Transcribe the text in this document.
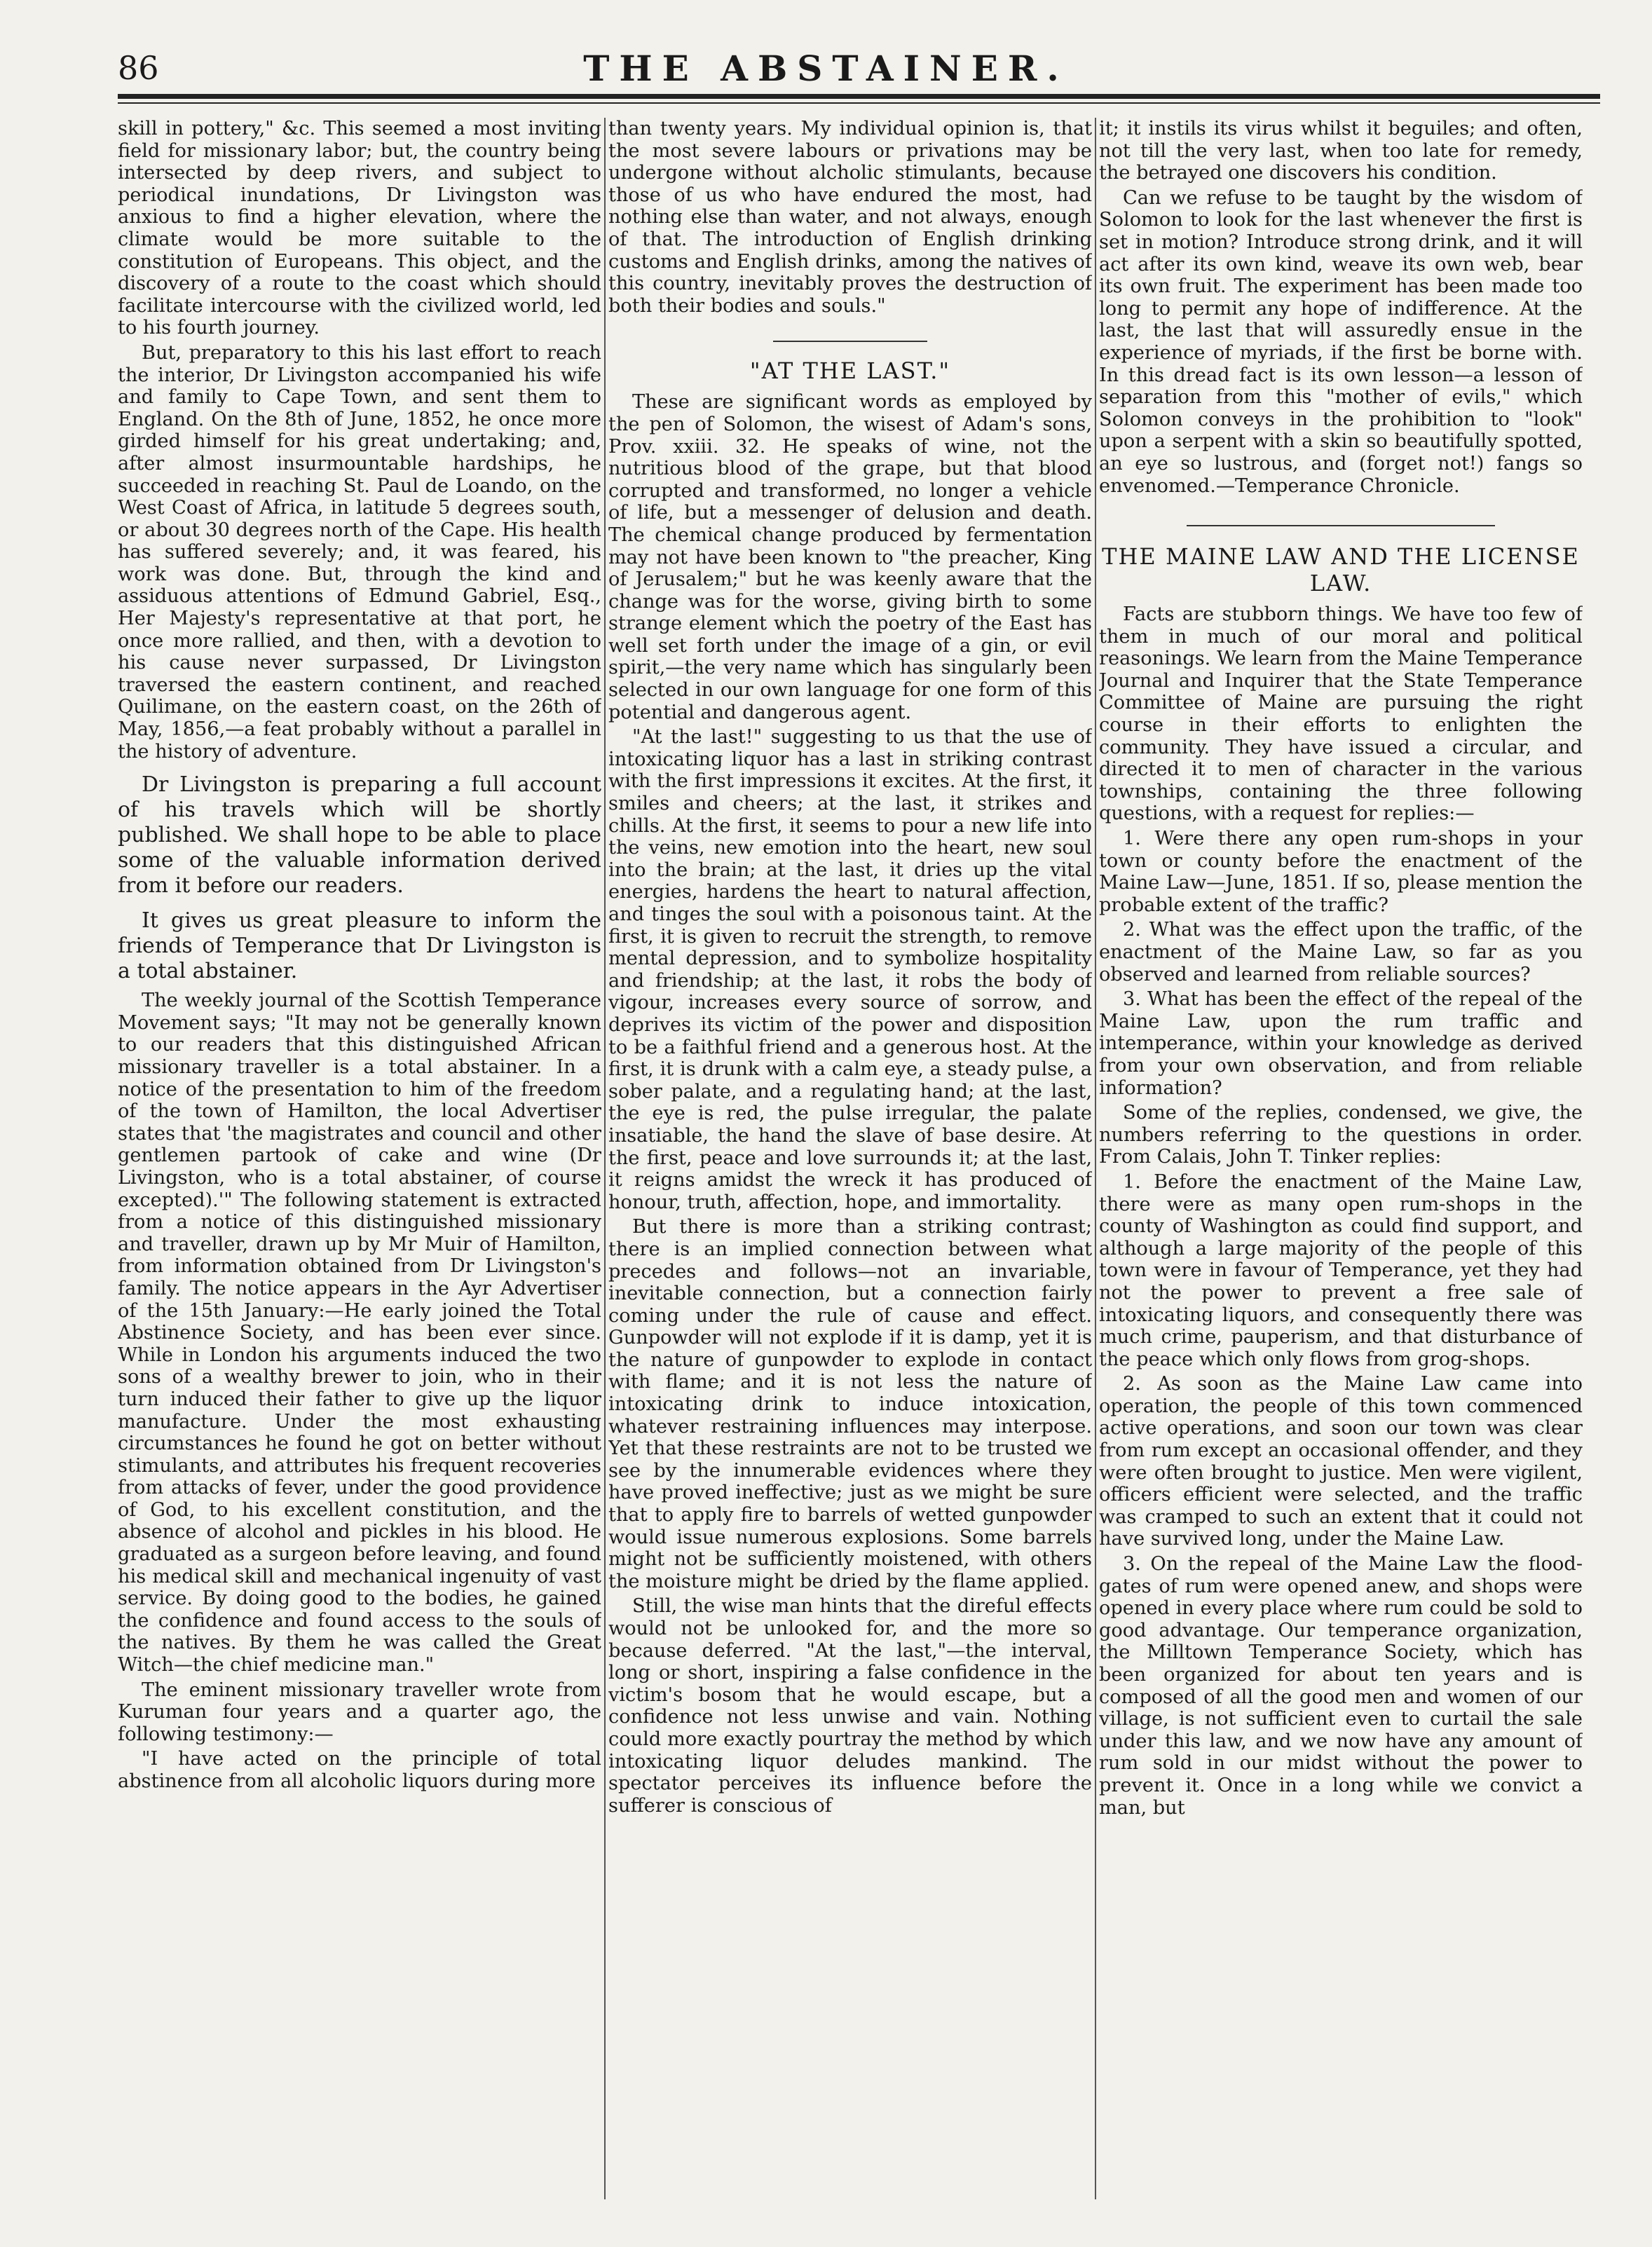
86	THE ABSTAINER.

skill in pottery," &c. This seemed a most inviting field for missionary labor; but, the country being intersected by deep rivers, and subject to periodical inundations, Dr Livingston was anxious to find a higher elevation, where the climate would be more suitable to the constitution of Europeans. This object, and the discovery of a route to the coast which should facilitate intercourse with the civilized world, led to his fourth journey.

But, preparatory to this his last effort to reach the interior, Dr Livingston accompanied his wife and family to Cape Town, and sent them to England. On the 8th of June, 1852, he once more girded himself for his great undertaking; and, after almost insurmountable hardships, he succeeded in reaching St. Paul de Loando, on the West Coast of Africa, in latitude 5 degrees south, or about 30 degrees north of the Cape. His health has suffered severely; and, it was feared, his work was done. But, through the kind and assiduous attentions of Edmund Gabriel, Esq., Her Majesty's representative at that port, he once more rallied, and then, with a devotion to his cause never surpassed, Dr Livingston traversed the eastern continent, and reached Quilimane, on the eastern coast, on the 26th of May, 1856,—a feat probably without a parallel in the history of adventure.

Dr Livingston is preparing a full account of his travels which will be shortly published. We shall hope to be able to place some of the valuable information derived from it before our readers.

It gives us great pleasure to inform the friends of Temperance that Dr Livingston is a total abstainer.

The weekly journal of the Scottish Temperance Movement says; "It may not be generally known to our readers that this distinguished African missionary traveller is a total abstainer. In a notice of the presentation to him of the freedom of the town of Hamilton, the local Advertiser states that 'the magistrates and council and other gentlemen partook of cake and wine (Dr Livingston, who is a total abstainer, of course excepted).'" The following statement is extracted from a notice of this distinguished missionary and traveller, drawn up by Mr Muir of Hamilton, from information obtained from Dr Livingston's family. The notice appears in the Ayr Advertiser of the 15th January:—He early joined the Total Abstinence Society, and has been ever since. While in London his arguments induced the two sons of a wealthy brewer to join, who in their turn induced their father to give up the liquor manufacture. Under the most exhausting circumstances he found he got on better without stimulants, and attributes his frequent recoveries from attacks of fever, under the good providence of God, to his excellent constitution, and the absence of alcohol and pickles in his blood. He graduated as a surgeon before leaving, and found his medical skill and mechanical ingenuity of vast service. By doing good to the bodies, he gained the confidence and found access to the souls of the natives. By them he was called the Great Witch—the chief medicine man."

The eminent missionary traveller wrote from Kuruman four years and a quarter ago, the following testimony:—

"I have acted on the principle of total abstinence from all alcoholic liquors during more

than twenty years. My individual opinion is, that the most severe labours or privations may be undergone without alcholic stimulants, because those of us who have endured the most, had nothing else than water, and not always, enough of that. The introduction of English drinking customs and English drinks, among the natives of this country, inevitably proves the destruction of both their bodies and souls."

"AT THE LAST."

These are significant words as employed by the pen of Solomon, the wisest of Adam's sons, Prov. xxiii. 32. He speaks of wine, not the nutritious blood of the grape, but that blood corrupted and transformed, no longer a vehicle of life, but a messenger of delusion and death. The chemical change produced by fermentation may not have been known to "the preacher, King of Jerusalem;" but he was keenly aware that the change was for the worse, giving birth to some strange element which the poetry of the East has well set forth under the image of a gin, or evil spirit,—the very name which has singularly been selected in our own language for one form of this potential and dangerous agent.

"At the last!" suggesting to us that the use of intoxicating liquor has a last in striking contrast with the first impressions it excites. At the first, it smiles and cheers; at the last, it strikes and chills. At the first, it seems to pour a new life into the veins, new emotion into the heart, new soul into the brain; at the last, it dries up the vital energies, hardens the heart to natural affection, and tinges the soul with a poisonous taint. At the first, it is given to recruit the strength, to remove mental depression, and to symbolize hospitality and friendship; at the last, it robs the body of vigour, increases every source of sorrow, and deprives its victim of the power and disposition to be a faithful friend and a generous host. At the first, it is drunk with a calm eye, a steady pulse, a sober palate, and a regulating hand; at the last, the eye is red, the pulse irregular, the palate insatiable, the hand the slave of base desire. At the first, peace and love surrounds it; at the last, it reigns amidst the wreck it has produced of honour, truth, affection, hope, and immortality.

But there is more than a striking contrast; there is an implied connection between what precedes and follows—not an invariable, inevitable connection, but a connection fairly coming under the rule of cause and effect. Gunpowder will not explode if it is damp, yet it is the nature of gunpowder to explode in contact with flame; and it is not less the nature of intoxicating drink to induce intoxication, whatever restraining influences may interpose. Yet that these restraints are not to be trusted we see by the innumerable evidences where they have proved ineffective; just as we might be sure that to apply fire to barrels of wetted gunpowder would issue numerous explosions. Some barrels might not be sufficiently moistened, with others the moisture might be dried by the flame applied.

Still, the wise man hints that the direful effects would not be unlooked for, and the more so because deferred. "At the last,"—the interval, long or short, inspiring a false confidence in the victim's bosom that he would escape, but a confidence not less unwise and vain. Nothing could more exactly pourtray the method by which intoxicating liquor deludes mankind. The spectator perceives its influence before the sufferer is conscious of

it; it instils its virus whilst it beguiles; and often, not till the very last, when too late for remedy, the betrayed one discovers his condition.

Can we refuse to be taught by the wisdom of Solomon to look for the last whenever the first is set in motion? Introduce strong drink, and it will act after its own kind, weave its own web, bear its own fruit. The experiment has been made too long to permit any hope of indifference. At the last, the last that will assuredly ensue in the experience of myriads, if the first be borne with. In this dread fact is its own lesson—a lesson of separation from this "mother of evils," which Solomon conveys in the prohibition to "look" upon a serpent with a skin so beautifully spotted, an eye so lustrous, and (forget not!) fangs so envenomed.—Temperance Chronicle.

THE MAINE LAW AND THE LICENSE LAW.

Facts are stubborn things. We have too few of them in much of our moral and political reasonings. We learn from the Maine Temperance Journal and Inquirer that the State Temperance Committee of Maine are pursuing the right course in their efforts to enlighten the community. They have issued a circular, and directed it to men of character in the various townships, containing the three following questions, with a request for replies:—

1. Were there any open rum-shops in your town or county before the enactment of the Maine Law—June, 1851. If so, please mention the probable extent of the traffic?

2. What was the effect upon the traffic, of the enactment of the Maine Law, so far as you observed and learned from reliable sources?

3. What has been the effect of the repeal of the Maine Law, upon the rum traffic and intemperance, within your knowledge as derived from your own observation, and from reliable information?

Some of the replies, condensed, we give, the numbers referring to the questions in order. From Calais, John T. Tinker replies:

1. Before the enactment of the Maine Law, there were as many open rum-shops in the county of Washington as could find support, and although a large majority of the people of this town were in favour of Temperance, yet they had not the power to prevent a free sale of intoxicating liquors, and consequently there was much crime, pauperism, and that disturbance of the peace which only flows from grog-shops.

2. As soon as the Maine Law came into operation, the people of this town commenced active operations, and soon our town was clear from rum except an occasional offender, and they were often brought to justice. Men were vigilent, officers efficient were selected, and the traffic was cramped to such an extent that it could not have survived long, under the Maine Law.

3. On the repeal of the Maine Law the flood-gates of rum were opened anew, and shops were opened in every place where rum could be sold to good advantage. Our temperance organization, the Milltown Temperance Society, which has been organized for about ten years and is composed of all the good men and women of our village, is not sufficient even to curtail the sale under this law, and we now have any amount of rum sold in our midst without the power to prevent it. Once in a long while we convict a man, but
